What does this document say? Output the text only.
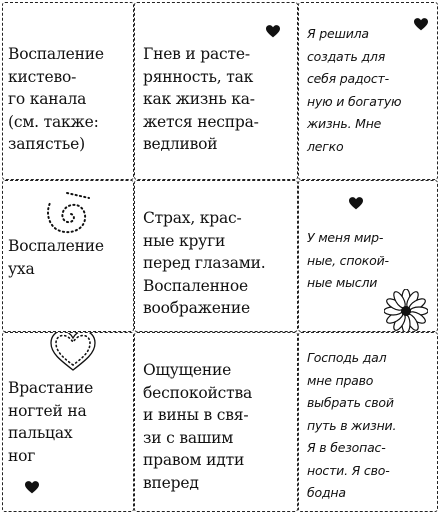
Воспаление
кистево-
го канала
(см. также:
запястье)

Гнев и расте-
рянность, так
как жизнь ка-
жется неспра-
ведливой

Я решила
создать для
себя радост-
ную и богатую
жизнь. Мне
легко

Воспаление
уха

Страх, крас-
ные круги
перед глазами.
Воспаленное
воображение

У меня мир-
ные, спокой-
ные мысли

Врастание
ногтей на
пальцах
ног

Ощущение
беспокойства
и вины в свя-
зи с вашим
правом идти
вперед

Господь дал
мне право
выбрать свой
путь в жизни.
Я в безопас-
ности. Я сво-
бодна
